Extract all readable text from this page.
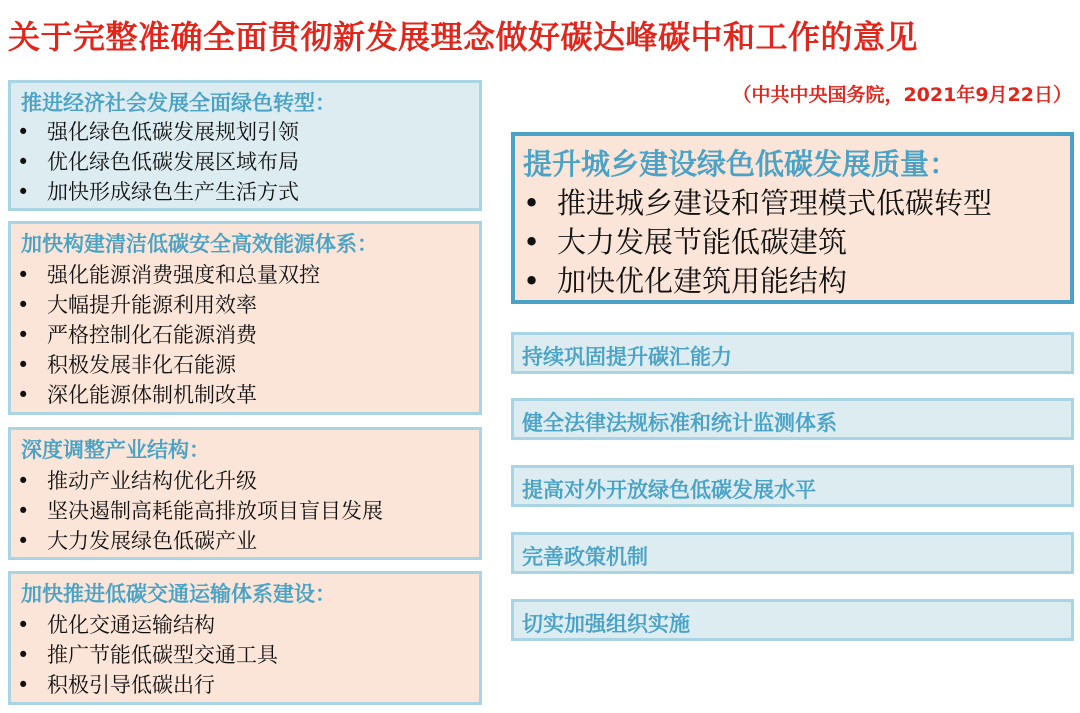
关于完整准确全面贯彻新发展理念做好碳达峰碳中和工作的意见
（中共中央国务院，2021年9月22日）
推进经济社会发展全面绿色转型：
• 强化绿色低碳发展规划引领
• 优化绿色低碳发展区域布局
• 加快形成绿色生产生活方式
加快构建清洁低碳安全高效能源体系：
• 强化能源消费强度和总量双控
• 大幅提升能源利用效率
• 严格控制化石能源消费
• 积极发展非化石能源
• 深化能源体制机制改革
深度调整产业结构：
• 推动产业结构优化升级
• 坚决遏制高耗能高排放项目盲目发展
• 大力发展绿色低碳产业
加快推进低碳交通运输体系建设：
• 优化交通运输结构
• 推广节能低碳型交通工具
• 积极引导低碳出行
提升城乡建设绿色低碳发展质量：
• 推进城乡建设和管理模式低碳转型
• 大力发展节能低碳建筑
• 加快优化建筑用能结构
持续巩固提升碳汇能力
健全法律法规标准和统计监测体系
提高对外开放绿色低碳发展水平
完善政策机制
切实加强组织实施
